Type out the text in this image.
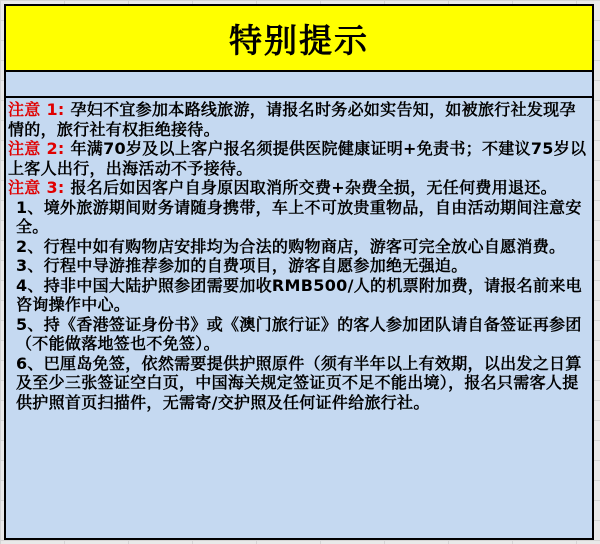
特别提示

注意 1: 孕妇不宜参加本路线旅游，请报名时务必如实告知，如被旅行社发现孕情的，旅行社有权拒绝接待。

注意 2: 年满70岁及以上客户报名须提供医院健康证明+免责书；不建议75岁以上客人出行，出海活动不予接待。

注意 3: 报名后如因客户自身原因取消所交费+杂费全损，无任何费用退还。

1、境外旅游期间财务请随身携带，车上不可放贵重物品，自由活动期间注意安全。

2、行程中如有购物店安排均为合法的购物商店，游客可完全放心自愿消费。

3、行程中导游推荐参加的自费项目，游客自愿参加绝无强迫。

4、持非中国大陆护照参团需要加收RMB500/人的机票附加费，请报名前来电咨询操作中心。

5、持《香港签证身份书》或《澳门旅行证》的客人参加团队请自备签证再参团（不能做落地签也不免签）。

6、巴厘岛免签，依然需要提供护照原件（须有半年以上有效期，以出发之日算及至少三张签证空白页，中国海关规定签证页不足不能出境），报名只需客人提供护照首页扫描件，无需寄/交护照及任何证件给旅行社。
